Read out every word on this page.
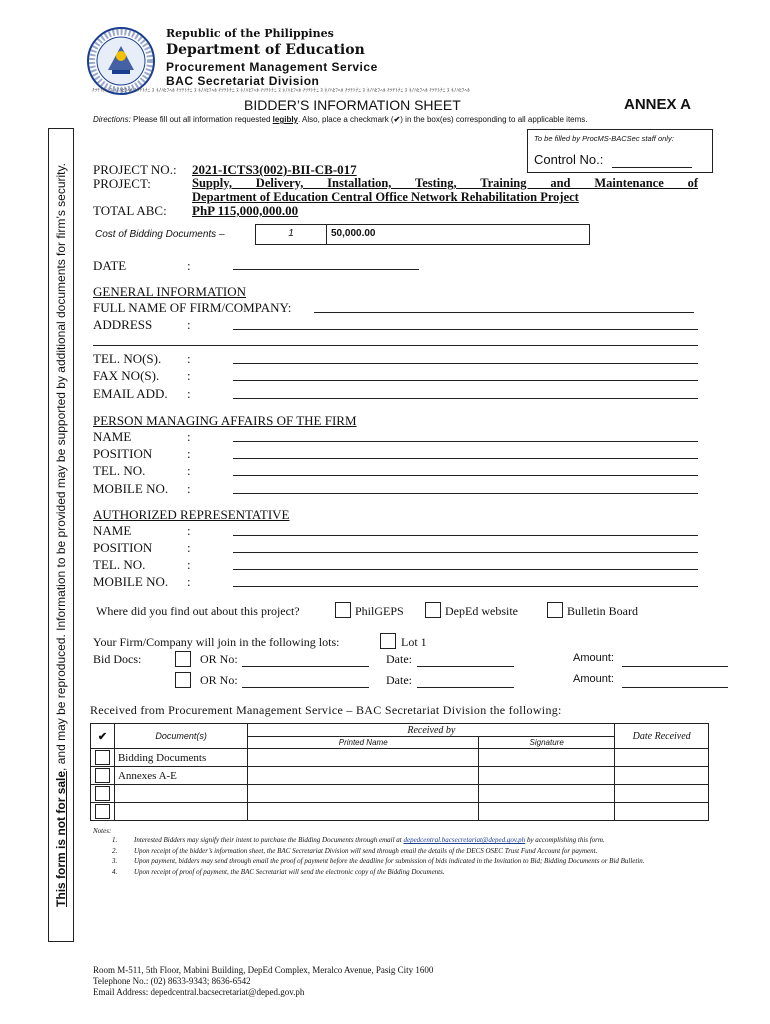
Republic of the Philippines
Department of Education
Procurement Management Service
BAC Secretariat Division
ﾁﾂﾃﾄﾅﾆ ﾇ ﾈﾉﾊﾋﾌﾍﾎ ﾁﾂﾃﾄﾅﾆ ﾇ ﾈﾉﾊﾋﾌﾍﾎ ﾁﾂﾃﾄﾅﾆ ﾇ ﾈﾉﾊﾋﾌﾍﾎ ﾁﾂﾃﾄﾅﾆ ﾇ ﾈﾉﾊﾋﾌﾍﾎ ﾁﾂﾃﾄﾅﾆ ﾇ ﾈﾉﾊﾋﾌﾍﾎ ﾁﾂﾃﾄﾅﾆ ﾇ ﾈﾉﾊﾋﾌﾍﾎ ﾁﾂﾃﾄﾅﾆ ﾇ ﾈﾉﾊﾋﾌﾍﾎ ﾁﾂﾃﾄﾅﾆ ﾇ ﾈﾉﾊﾋﾌﾍﾎ ﾁﾂﾃﾄﾅﾆ ﾇ ﾈﾉﾊﾋﾌﾍﾎ
BIDDER’S INFORMATION SHEET	ANNEX A
Directions: Please fill out all information requested legibly. Also, place a checkmark (✔) in the box(es) corresponding to all applicable items.
To be filled by ProcMS-BACSec staff only:
Control No.:
This form is not for sale, and may be reproduced. Information to be provided may be supported by additional documents for firm’s security.	PROJECT NO.: 2021-ICTS3(002)-BII-CB-017
PROJECT:	Supply, Delivery, Installation, Testing, Training and Maintenance of
Department of Education Central Office Network Rehabilitation Project
TOTAL ABC: PhP 115,000,000.00
Cost of Bidding Documents –	1	50,000.00
DATE	:
GENERAL INFORMATION
FULL NAME OF FIRM/COMPANY:
ADDRESS	:
TEL. NO(S). :
FAX NO(S). :
EMAIL ADD. :
PERSON MANAGING AFFAIRS OF THE FIRM
NAME	:
POSITION	:
TEL. NO.	:
MOBILE NO. :
AUTHORIZED REPRESENTATIVE
NAME	:
POSITION	:
TEL. NO.	:
MOBILE NO. :
Where did you find out about this project?	PhilGEPS	DepEd website	Bulletin Board
Your Firm/Company will join in the following lots:	Lot 1
Bid Docs:	OR No:	Date:	Amount:
OR No:	Date:	Amount:
Received from Procurement Management Service – BAC Secretariat Division the following:
✔	Document(s)	Received by		Date Received
		Printed Name	Signature	

	Bidding Documents			

	Annexes A-E			

Notes:
1.	Interested Bidders may signify their intent to purchase the Bidding Documents through email at depedcentral.bacsecretariat@deped.gov.ph by accomplishing this form.
2.	Upon receipt of the bidder’s information sheet, the BAC Secretariat Division will send through email the details of the DECS OSEC Trust Fund Account for payment.
3.	Upon payment, bidders may send through email the proof of payment before the deadline for submission of bids indicated in the Invitation to Bid; Bidding Documents or Bid Bulletin.
4.	Upon receipt of proof of payment, the BAC Secretariat will send the electronic copy of the Bidding Documents.
Room M-511, 5th Floor, Mabini Building, DepEd Complex, Meralco Avenue, Pasig City 1600
Telephone No.: (02) 8633-9343; 8636-6542
Email Address: depedcentral.bacsecretariat@deped.gov.ph
